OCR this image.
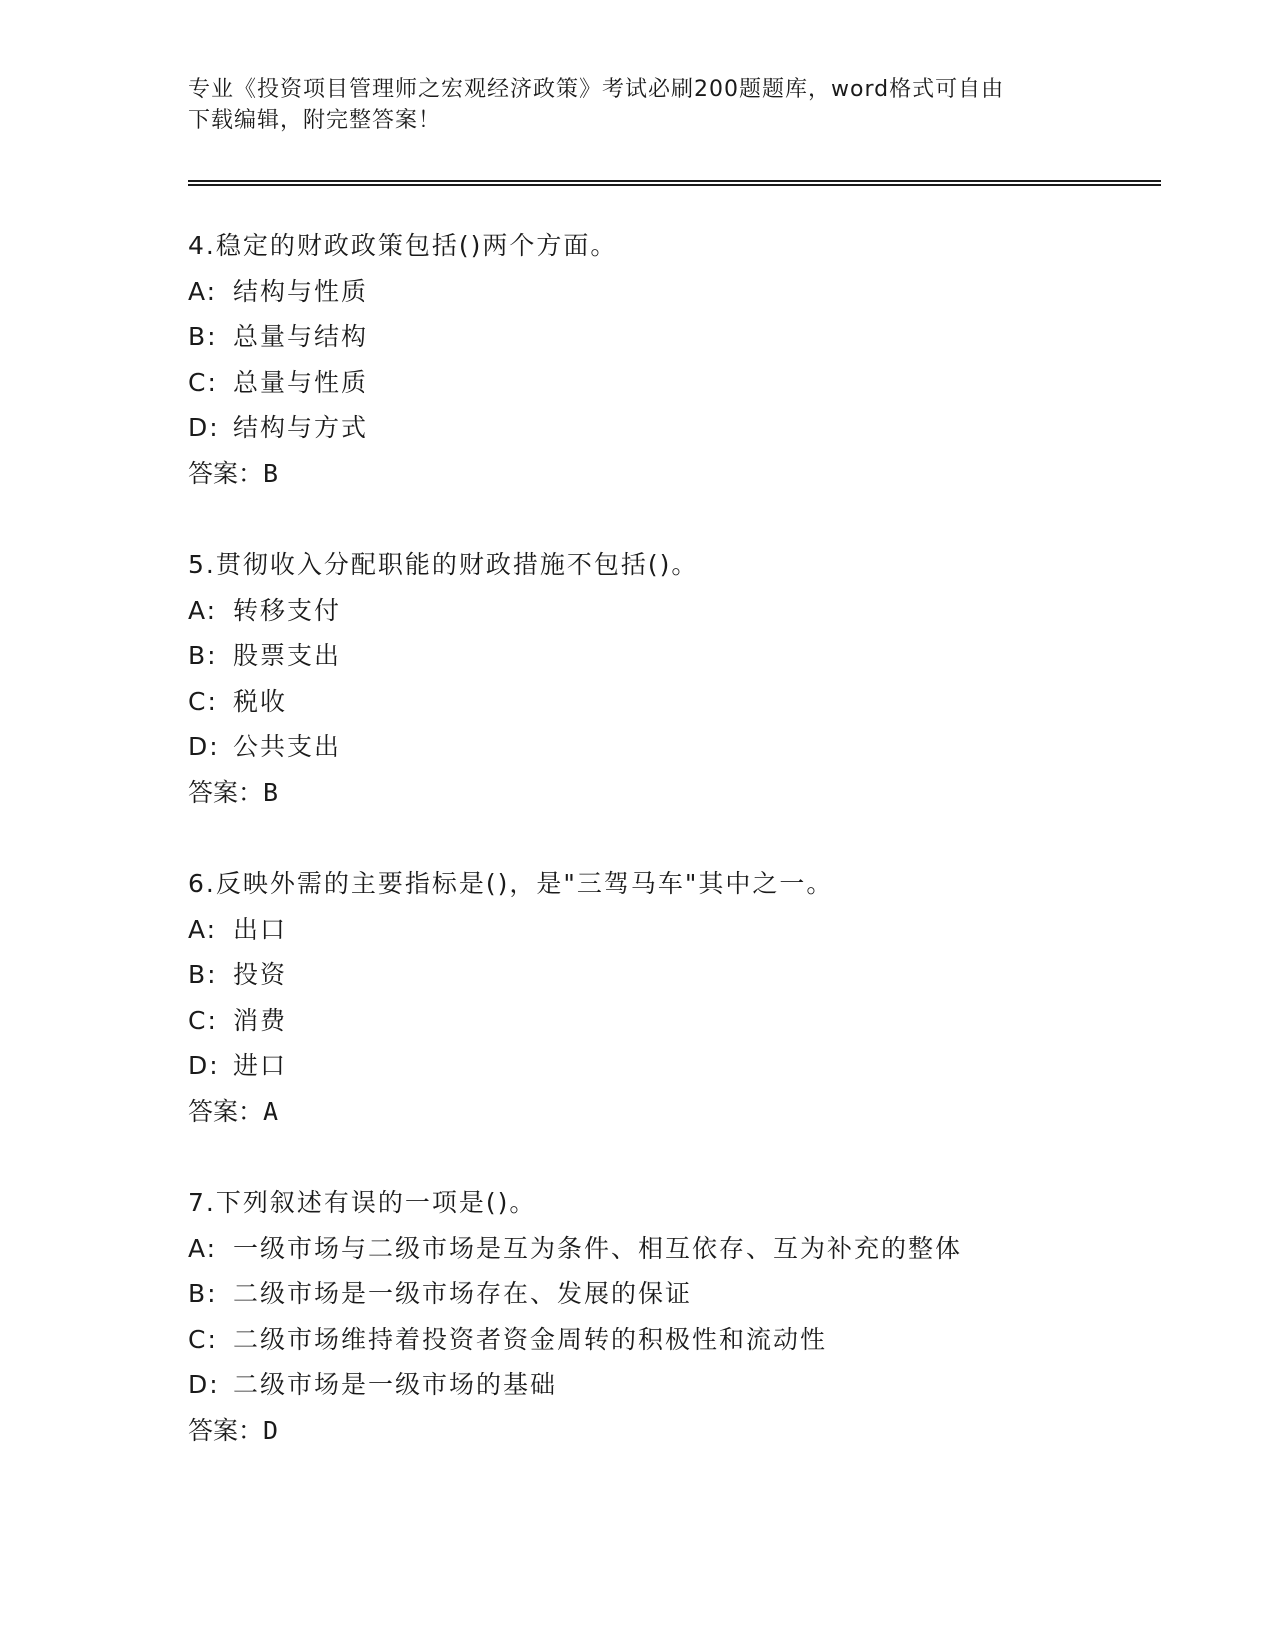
专业《投资项目管理师之宏观经济政策》考试必刷200题题库，word格式可自由
下载编辑，附完整答案！
4.稳定的财政政策包括()两个方面。
A: 结构与性质
B: 总量与结构
C: 总量与性质
D: 结构与方式
答案：B
5.贯彻收入分配职能的财政措施不包括()。
A: 转移支付
B: 股票支出
C: 税收
D: 公共支出
答案：B
6.反映外需的主要指标是()，是"三驾马车"其中之一。
A: 出口
B: 投资
C: 消费
D: 进口
答案：A
7.下列叙述有误的一项是()。
A: 一级市场与二级市场是互为条件、相互依存、互为补充的整体
B: 二级市场是一级市场存在、发展的保证
C: 二级市场维持着投资者资金周转的积极性和流动性
D: 二级市场是一级市场的基础
答案：D
